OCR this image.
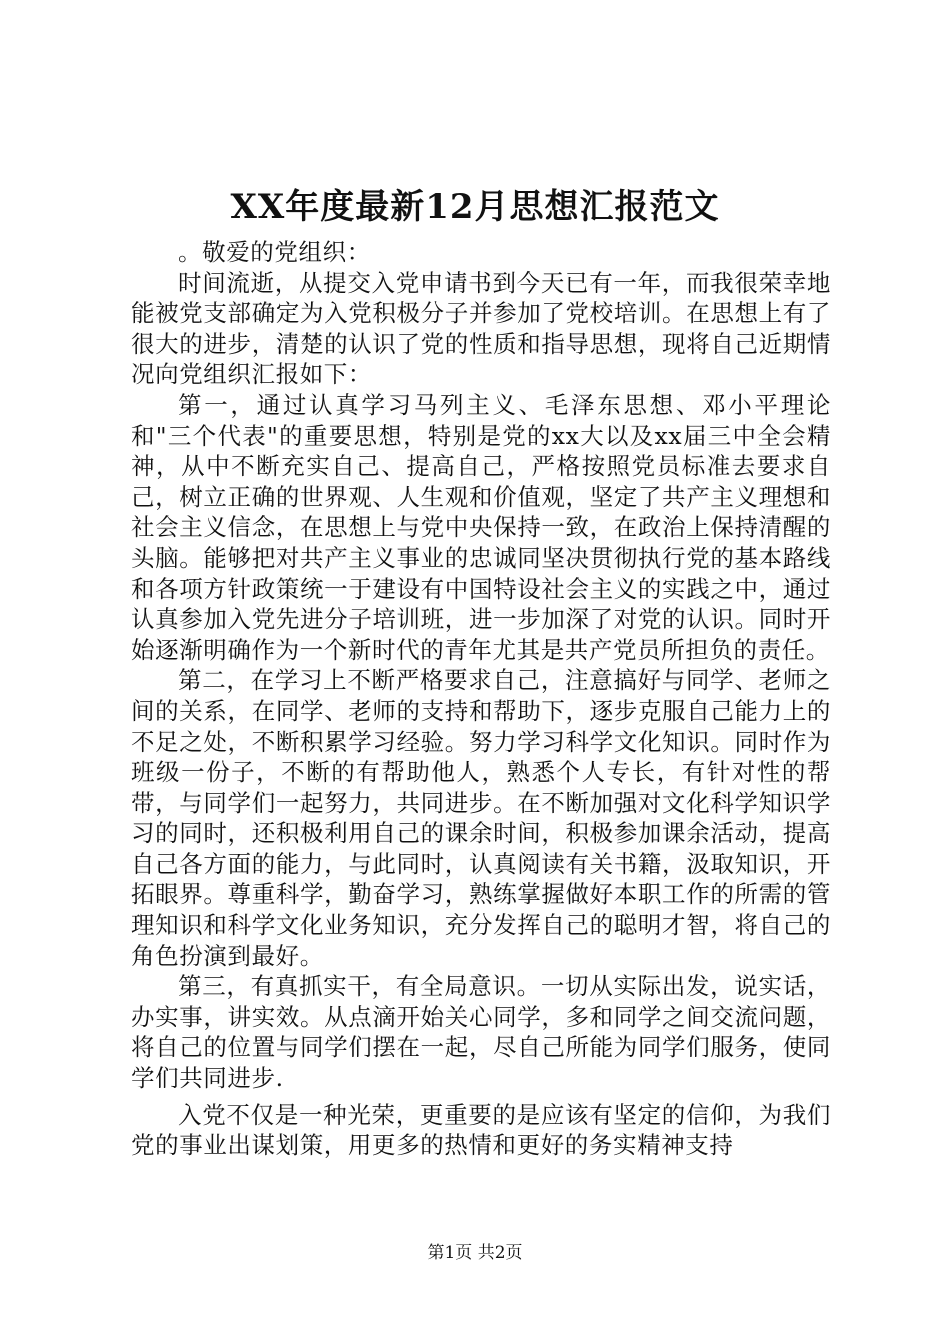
XX年度最新12月思想汇报范文

。敬爱的党组织：

时间流逝，从提交入党申请书到今天已有一年，而我很荣幸地能被党支部确定为入党积极分子并参加了党校培训。在思想上有了很大的进步，清楚的认识了党的性质和指导思想，现将自己近期情况向党组织汇报如下：

第一，通过认真学习马列主义、毛泽东思想、邓小平理论和"三个代表"的重要思想，特别是党的xx大以及xx届三中全会精神，从中不断充实自己、提高自己，严格按照党员标准去要求自己，树立正确的世界观、人生观和价值观，坚定了共产主义理想和社会主义信念，在思想上与党中央保持一致，在政治上保持清醒的头脑。能够把对共产主义事业的忠诚同坚决贯彻执行党的基本路线和各项方针政策统一于建设有中国特设社会主义的实践之中，通过认真参加入党先进分子培训班，进一步加深了对党的认识。同时开始逐渐明确作为一个新时代的青年尤其是共产党员所担负的责任。

第二，在学习上不断严格要求自己，注意搞好与同学、老师之间的关系，在同学、老师的支持和帮助下，逐步克服自己能力上的不足之处，不断积累学习经验。努力学习科学文化知识。同时作为班级一份子，不断的有帮助他人，熟悉个人专长，有针对性的帮带，与同学们一起努力，共同进步。在不断加强对文化科学知识学习的同时，还积极利用自己的课余时间，积极参加课余活动，提高自己各方面的能力，与此同时，认真阅读有关书籍，汲取知识，开拓眼界。尊重科学，勤奋学习，熟练掌握做好本职工作的所需的管理知识和科学文化业务知识，充分发挥自己的聪明才智，将自己的角色扮演到最好。

第三，有真抓实干，有全局意识。一切从实际出发，说实话，办实事，讲实效。从点滴开始关心同学，多和同学之间交流问题，将自己的位置与同学们摆在一起，尽自己所能为同学们服务，使同学们共同进步.

入党不仅是一种光荣，更重要的是应该有坚定的信仰，为我们党的事业出谋划策，用更多的热情和更好的务实精神支持

第1页 共2页
